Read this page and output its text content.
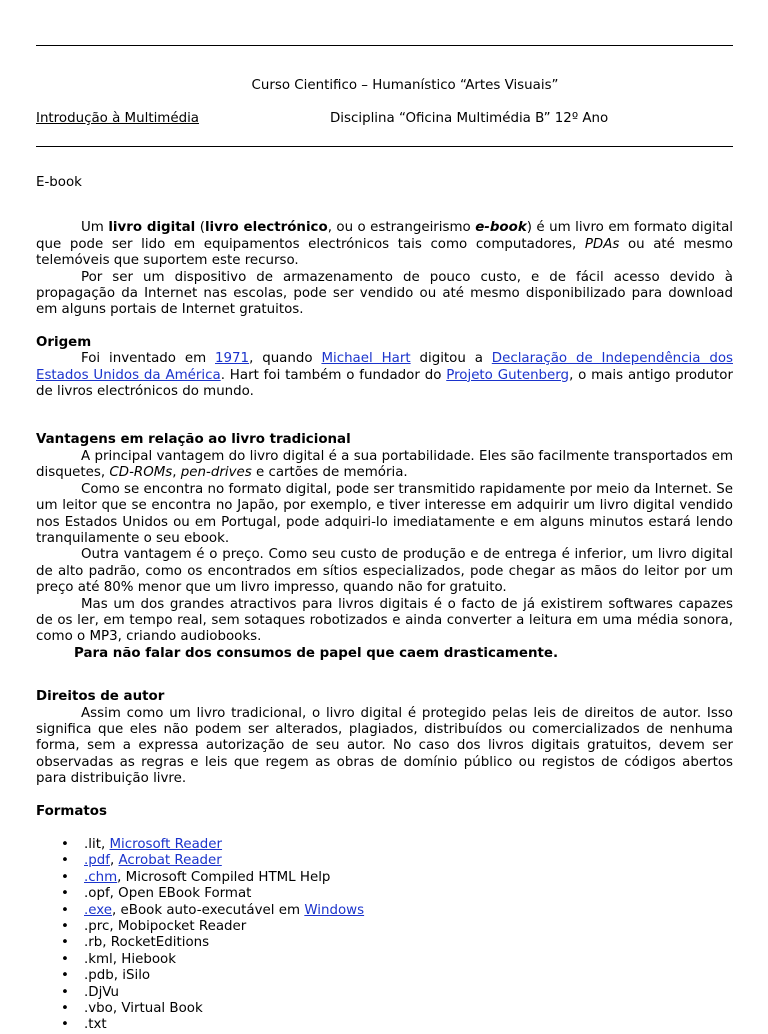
Curso Cientifico – Humanístico “Artes Visuais”
Introdução à Multimédia	Disciplina “Oficina Multimédia B” 12º Ano
E-book

Um livro digital (livro electrónico, ou o estrangeirismo e-book) é um livro em formato digital que pode ser lido em equipamentos electrónicos tais como computadores, PDAs ou até mesmo telemóveis que suportem este recurso.

Por ser um dispositivo de armazenamento de pouco custo, e de fácil acesso devido à propagação da Internet nas escolas, pode ser vendido ou até mesmo disponibilizado para download em alguns portais de Internet gratuitos.

Origem

Foi inventado em 1971, quando Michael Hart digitou a Declaração de Independência dos Estados Unidos da América. Hart foi também o fundador do Projeto Gutenberg, o mais antigo produtor de livros electrónicos do mundo.

Vantagens em relação ao livro tradicional

A principal vantagem do livro digital é a sua portabilidade. Eles são facilmente transportados em disquetes, CD-ROMs, pen-drives e cartões de memória.

Como se encontra no formato digital, pode ser transmitido rapidamente por meio da Internet. Se um leitor que se encontra no Japão, por exemplo, e tiver interesse em adquirir um livro digital vendido nos Estados Unidos ou em Portugal, pode adquiri-lo imediatamente e em alguns minutos estará lendo tranquilamente o seu ebook.

Outra vantagem é o preço. Como seu custo de produção e de entrega é inferior, um livro digital de alto padrão, como os encontrados em sítios especializados, pode chegar as mãos do leitor por um preço até 80% menor que um livro impresso, quando não for gratuito.

Mas um dos grandes atractivos para livros digitais é o facto de já existirem softwares capazes de os ler, em tempo real, sem sotaques robotizados e ainda converter a leitura em uma média sonora, como o MP3, criando audiobooks.

Para não falar dos consumos de papel que caem drasticamente.

Direitos de autor

Assim como um livro tradicional, o livro digital é protegido pelas leis de direitos de autor. Isso significa que eles não podem ser alterados, plagiados, distribuídos ou comercializados de nenhuma forma, sem a expressa autorização de seu autor. No caso dos livros digitais gratuitos, devem ser observadas as regras e leis que regem as obras de domínio público ou registos de códigos abertos para distribuição livre.

Formatos
• .lit, Microsoft Reader
• .pdf, Acrobat Reader
• .chm, Microsoft Compiled HTML Help
• .opf, Open EBook Format
• .exe, eBook auto-executável em Windows
• .prc, Mobipocket Reader
• .rb, RocketEditions
• .kml, Hiebook
• .pdb, iSilo
• .DjVu
• .vbo, Virtual Book
• .txt
